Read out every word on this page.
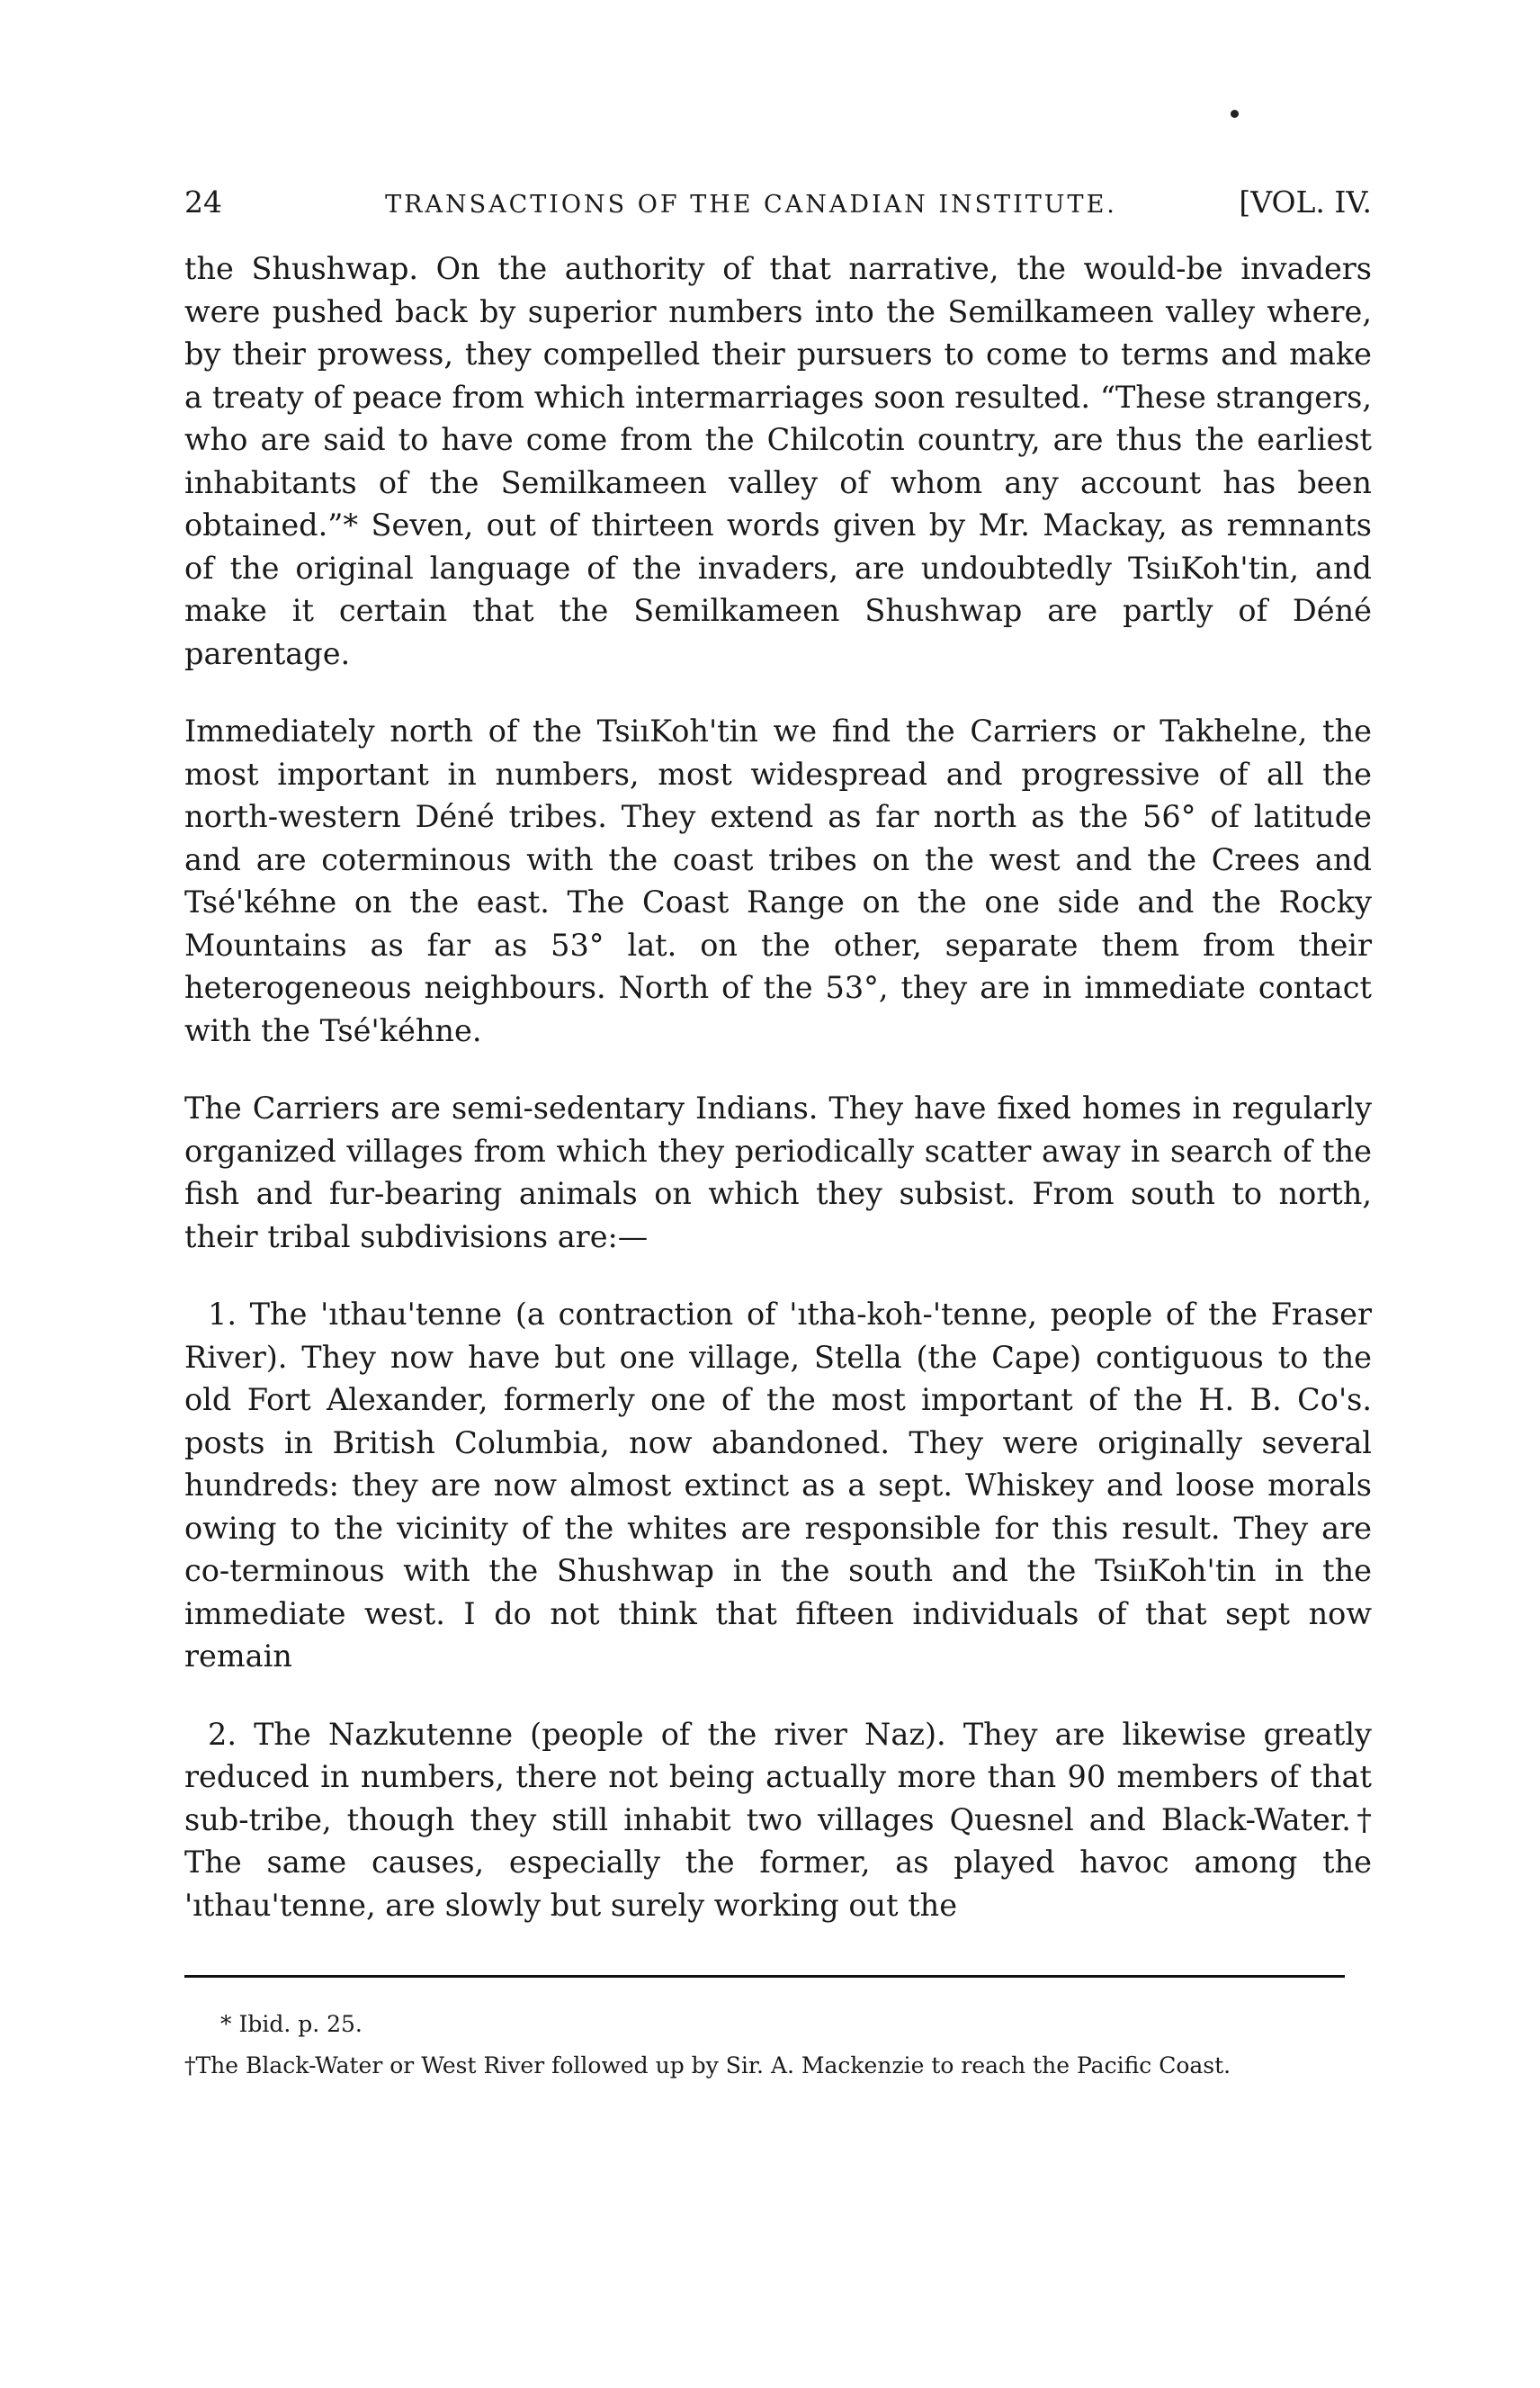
24	TRANSACTIONS OF THE CANADIAN INSTITUTE.	[VOL. IV.

the Shushwap. On the authority of that narrative, the would-be invaders were pushed back by superior numbers into the Semilkameen valley where, by their prowess, they compelled their pursuers to come to terms and make a treaty of peace from which intermarriages soon resulted. “These strangers, who are said to have come from the Chilcotin country, are thus the earliest inhabitants of the Semilkameen valley of whom any account has been obtained.”* Seven, out of thirteen words given by Mr. Mackay, as remnants of the original language of the invaders, are undoubtedly TsiıKoh'tin, and make it certain that the Semilkameen Shushwap are partly of Déné parentage.

Immediately north of the TsiıKoh'tin we find the Carriers or Takhelne, the most important in numbers, most widespread and progressive of all the north-western Déné tribes. They extend as far north as the 56° of latitude and are coterminous with the coast tribes on the west and the Crees and Tsé'kéhne on the east. The Coast Range on the one side and the Rocky Mountains as far as 53° lat. on the other, separate them from their heterogeneous neighbours. North of the 53°, they are in immediate contact with the Tsé'kéhne.

The Carriers are semi-sedentary Indians. They have fixed homes in regularly organized villages from which they periodically scatter away in search of the fish and fur-bearing animals on which they subsist. From south to north, their tribal subdivisions are:—

1. The 'ıthau'tenne (a contraction of 'ıtha-koh-'tenne, people of the Fraser River). They now have but one village, Stella (the Cape) contiguous to the old Fort Alexander, formerly one of the most important of the H. B. Co's. posts in British Columbia, now abandoned. They were originally several hundreds: they are now almost extinct as a sept. Whiskey and loose morals owing to the vicinity of the whites are responsible for this result. They are co-terminous with the Shushwap in the south and the TsiıKoh'tin in the immediate west. I do not think that fifteen individuals of that sept now remain

2. The Nazkutenne (people of the river Naz). They are likewise greatly reduced in numbers, there not being actually more than 90 members of that sub-tribe, though they still inhabit two villages Quesnel and Black-Water.† The same causes, especially the former, as played havoc among the 'ıthau'tenne, are slowly but surely working out the

* Ibid. p. 25.

†The Black-Water or West River followed up by Sir. A. Mackenzie to reach the Pacific Coast.
